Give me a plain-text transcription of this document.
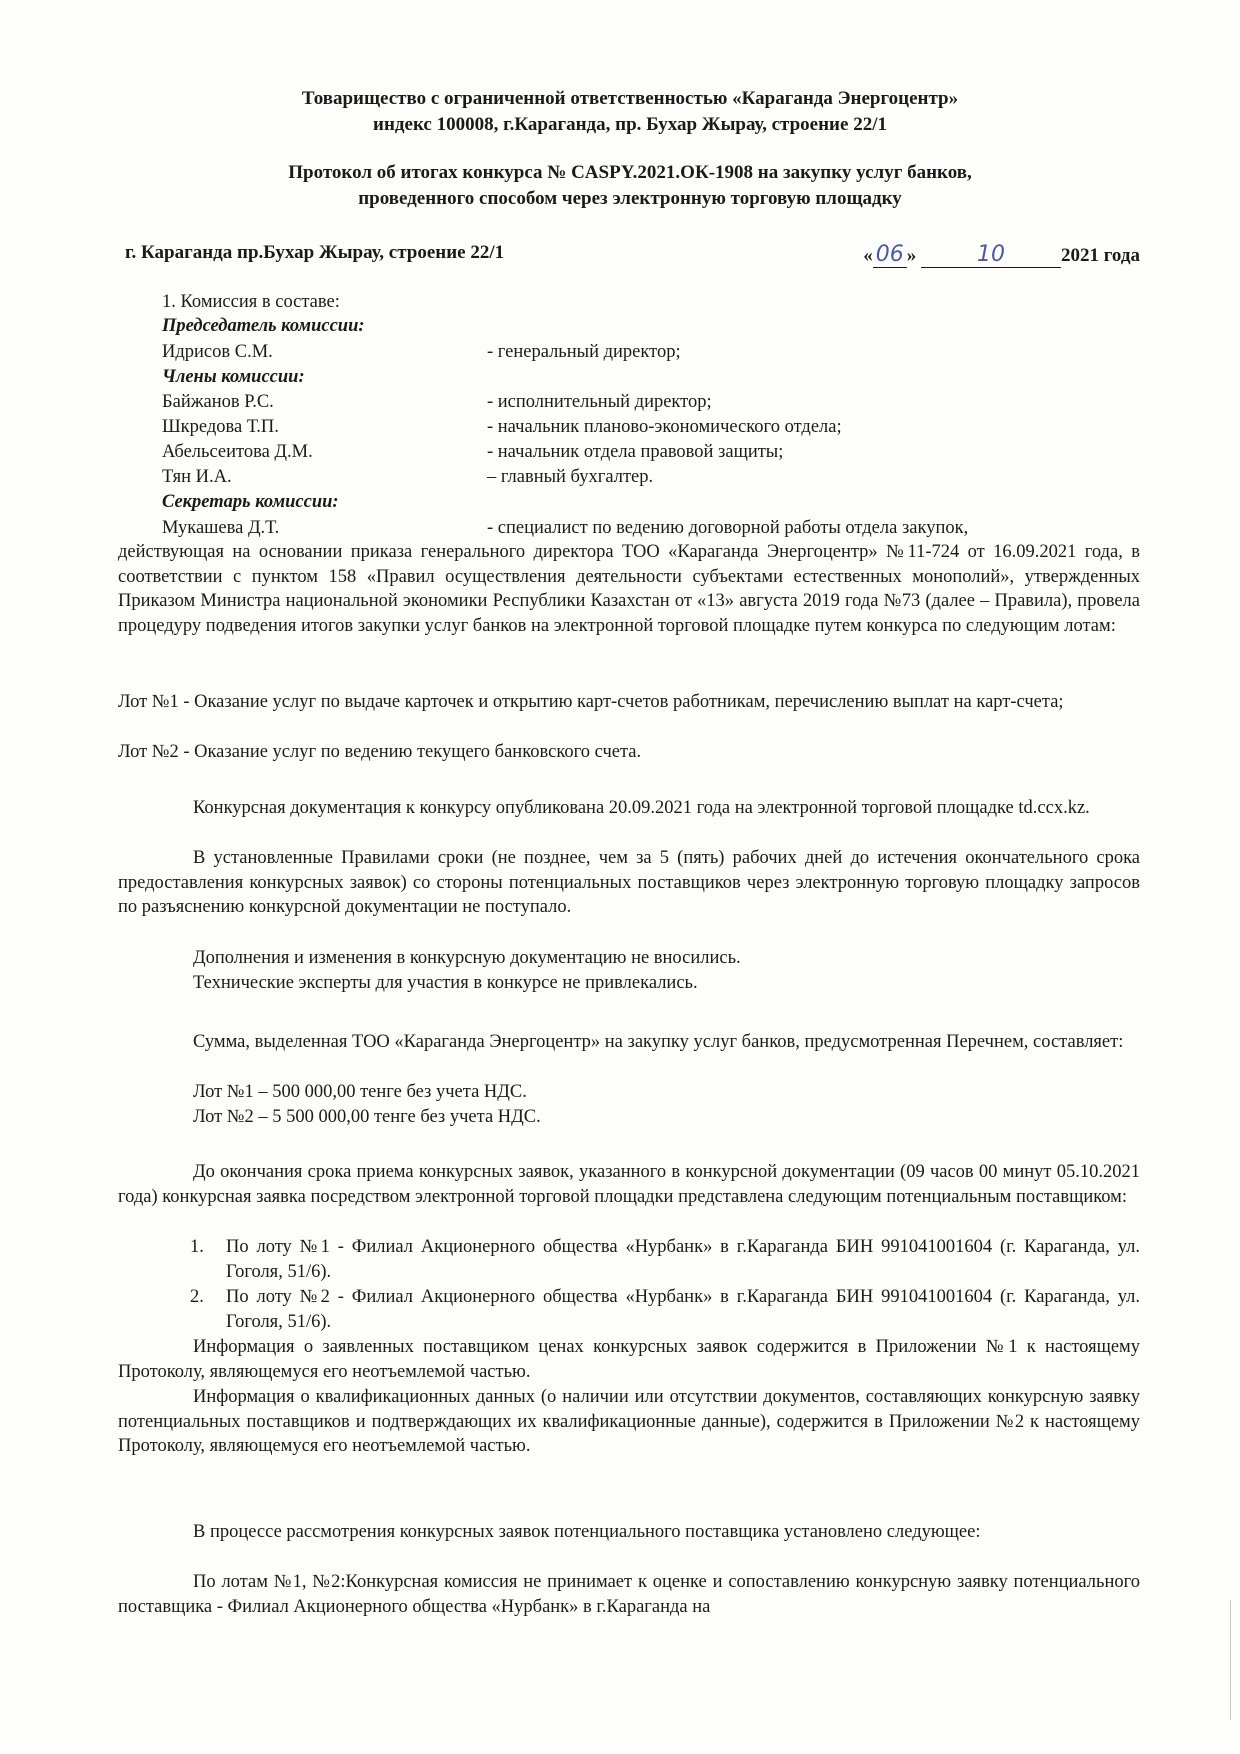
Товарищество с ограниченной ответственностью «Караганда Энергоцентр»
индекс 100008, г.Караганда, пр. Бухар Жырау, строение 22/1
Протокол об итогах конкурса № CASPY.2021.ОК-1908 на закупку услуг банков,
проведенного способом через электронную торговую площадку
г. Караганда пр.Бухар Жырау, строение 22/1	« 06 »	10	2021 года
1. Комиссия в составе:
Председатель комиссии:
Идрисов С.М.	- генеральный директор;
Члены комиссии:
Байжанов Р.С.	- исполнительный директор;
Шкредова Т.П.	- начальник планово-экономического отдела;
Абельсеитова Д.М.	- начальник отдела правовой защиты;
Тян И.А.	– главный бухгалтер.
Секретарь комиссии:
Мукашева Д.Т.	- специалист по ведению договорной работы отдела закупок,
действующая на основании приказа генерального директора ТОО «Караганда Энергоцентр» №11-724 от 16.09.2021 года, в соответствии с пунктом 158 «Правил осуществления деятельности субъектами естественных монополий», утвержденных Приказом Министра национальной экономики Республики Казахстан от «13» августа 2019 года №73 (далее – Правила), провела процедуру подведения итогов закупки услуг банков на электронной торговой площадке путем конкурса по следующим лотам:
Лот №1 - Оказание услуг по выдаче карточек и открытию карт-счетов работникам, перечислению выплат на карт-счета;
Лот №2 - Оказание услуг по ведению текущего банковского счета.
Конкурсная документация к конкурсу опубликована 20.09.2021 года на электронной торговой площадке td.ccx.kz.
В установленные Правилами сроки (не позднее, чем за 5 (пять) рабочих дней до истечения окончательного срока предоставления конкурсных заявок) со стороны потенциальных поставщиков через электронную торговую площадку запросов по разъяснению конкурсной документации не поступало.
Дополнения и изменения в конкурсную документацию не вносились.
Технические эксперты для участия в конкурсе не привлекались.
Сумма, выделенная ТОО «Караганда Энергоцентр» на закупку услуг банков, предусмотренная Перечнем, составляет:
Лот №1 – 500 000,00 тенге без учета НДС.
Лот №2 – 5 500 000,00 тенге без учета НДС.
До окончания срока приема конкурсных заявок, указанного в конкурсной документации (09 часов 00 минут 05.10.2021 года) конкурсная заявка посредством электронной торговой площадки представлена следующим потенциальным поставщиком:
1. По лоту №1 - Филиал Акционерного общества «Нурбанк» в г.Караганда БИН 991041001604 (г. Караганда, ул. Гоголя, 51/6).
2. По лоту №2 - Филиал Акционерного общества «Нурбанк» в г.Караганда БИН 991041001604 (г. Караганда, ул. Гоголя, 51/6).
Информация о заявленных поставщиком ценах конкурсных заявок содержится в Приложении №1 к настоящему Протоколу, являющемуся его неотъемлемой частью.
Информация о квалификационных данных (о наличии или отсутствии документов, составляющих конкурсную заявку потенциальных поставщиков и подтверждающих их квалификационные данные), содержится в Приложении №2 к настоящему Протоколу, являющемуся его неотъемлемой частью.
В процессе рассмотрения конкурсных заявок потенциального поставщика установлено следующее:
По лотам №1, №2:Конкурсная комиссия не принимает к оценке и сопоставлению конкурсную заявку потенциального поставщика - Филиал Акционерного общества «Нурбанк» в г.Караганда на
